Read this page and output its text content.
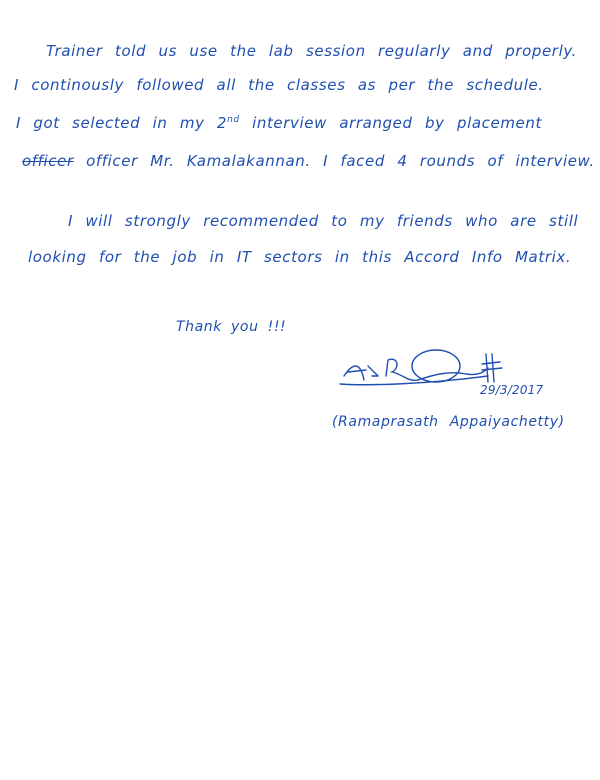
Trainer told us use the lab session regularly and properly.
I continously followed all the classes as per the schedule.
I got selected in my 2nd interview arranged by placement
officer officer Mr. Kamalakannan. I faced 4 rounds of interview.
I will strongly recommended to my friends who are still
looking for the job in IT sectors in this Accord Info Matrix.
Thank you !!!
29/3/2017
(Ramaprasath Appaiyachetty)
